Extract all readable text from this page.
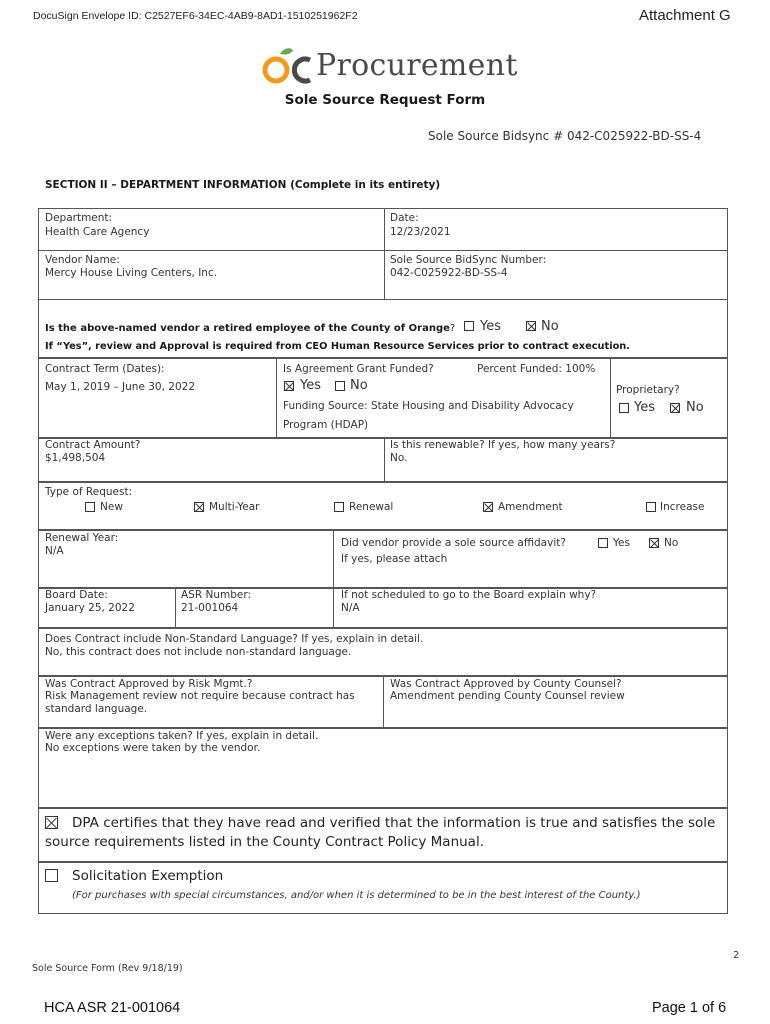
DocuSign Envelope ID: C2527EF6-34EC-4AB9-8AD1-1510251962F2	Attachment G
Procurement
Sole Source Request Form
Sole Source Bidsync # 042-C025922-BD-SS-4
SECTION II – DEPARTMENT INFORMATION (Complete in its entirety)
Department:
Health Care Agency
Date:
12/23/2021
Vendor Name:
Mercy House Living Centers, Inc.
Sole Source BidSync Number:
042-C025922-BD-SS-4
Is the above-named vendor a retired employee of the County of Orange? Yes	No
If “Yes”, review and Approval is required from CEO Human Resource Services prior to contract execution.
Contract Term (Dates):
May 1, 2019 – June 30, 2022
Is Agreement Grant Funded?	Percent Funded: 100%
Yes No
Funding Source: State Housing and Disability Advocacy
Program (HDAP)
Proprietary?
Yes No
Contract Amount?
$1,498,504
Is this renewable? If yes, how many years?
No.
Type of Request:
New	Multi-Year	Renewal	Amendment	Increase
Renewal Year:
N/A
Did vendor provide a sole source affidavit?
If yes, please attach
Yes	No
Board Date:
January 25, 2022
ASR Number:
21-001064
If not scheduled to go to the Board explain why?
N/A
Does Contract include Non-Standard Language? If yes, explain in detail.
No, this contract does not include non-standard language.
Was Contract Approved by Risk Mgmt.?
Risk Management review not require because contract has
standard language.
Was Contract Approved by County Counsel?
Amendment pending County Counsel review
Were any exceptions taken? If yes, explain in detail.
No exceptions were taken by the vendor.
DPA certifies that they have read and verified that the information is true and satisfies the sole
source requirements listed in the County Contract Policy Manual.
Solicitation Exemption
(For purchases with special circumstances, and/or when it is determined to be in the best interest of the County.)
2
Sole Source Form (Rev 9/18/19)
HCA ASR 21-001064	Page 1 of 6
